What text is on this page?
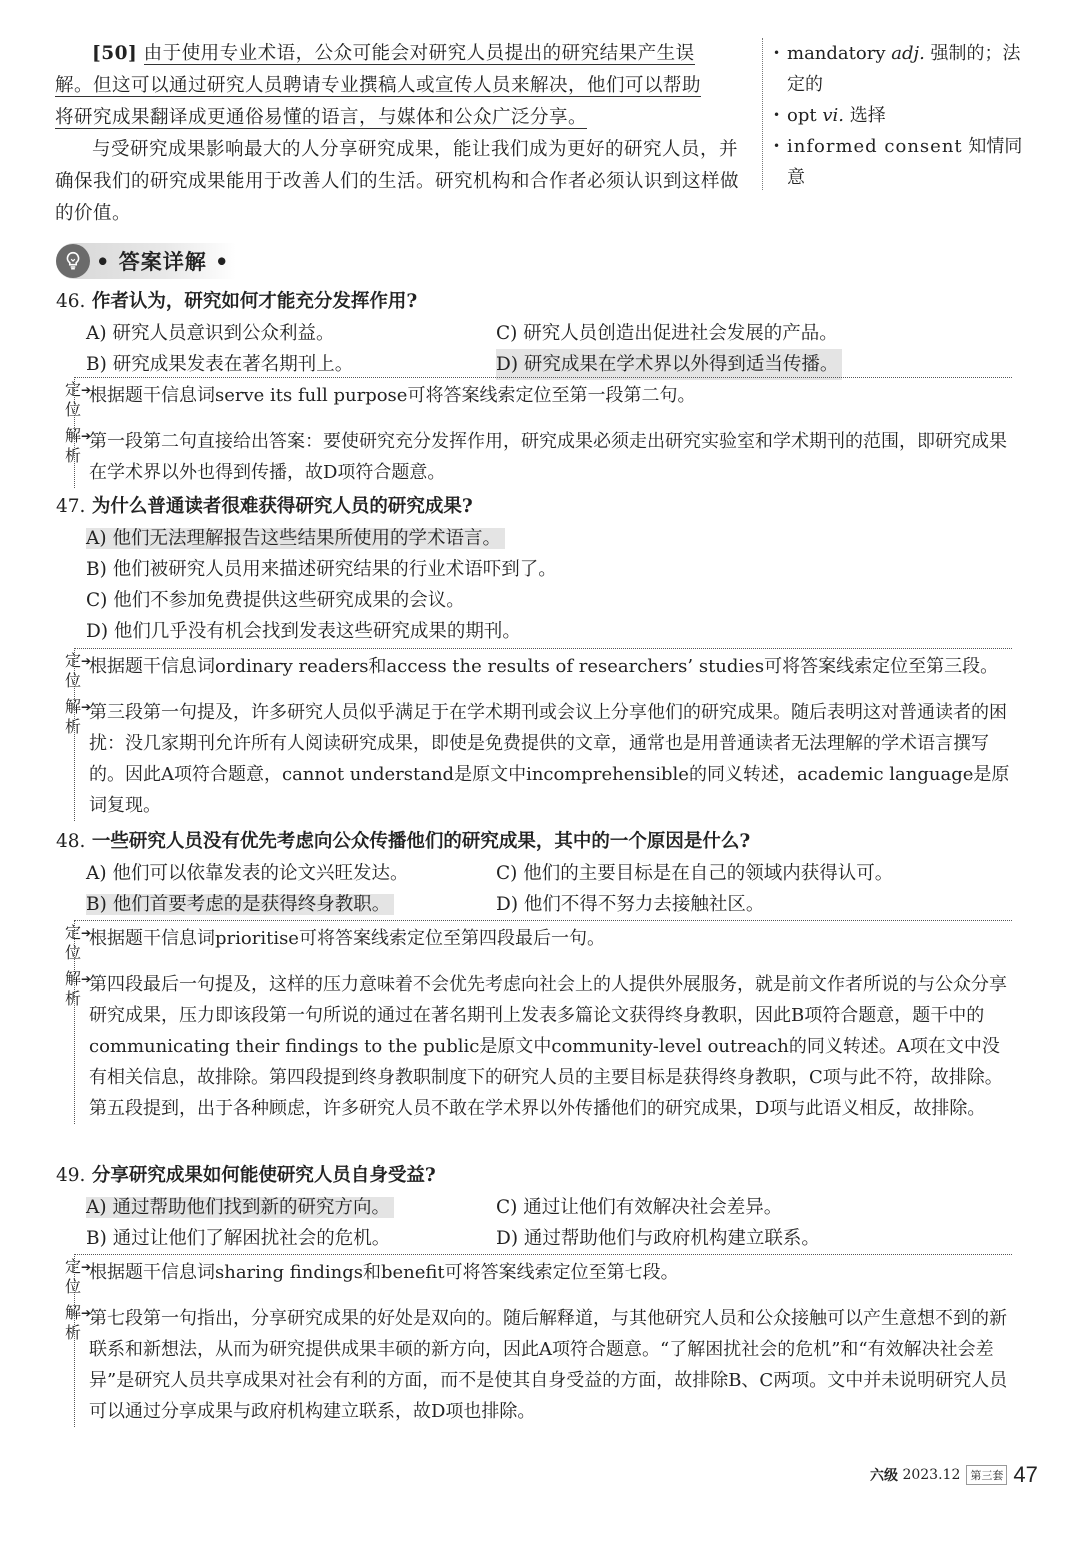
[50] 由于使用专业术语，公众可能会对研究人员提出的研究结果产生误

解。但这可以通过研究人员聘请专业撰稿人或宣传人员来解决，他们可以帮助
将研究成果翻译成更通俗易懂的语言，与媒体和公众广泛分享。

与受研究成果影响最大的人分享研究成果，能让我们成为更好的研究人员，并确保我们的研究成果能用于改善人们的生活。研究机构和合作者必须认识到这样做的价值。

• mandatory adj. 强制的；法定的
• opt vi. 选择
• informed consent 知情同意
• 答案详解 •
46. 作者认为，研究如何才能充分发挥作用?
A) 研究人员意识到公众利益。	C) 研究人员创造出促进社会发展的产品。
B) 研究成果发表在著名期刊上。	D) 研究成果在学术界以外得到适当传播。
定位
➔
根据题干信息词serve its full purpose可将答案线索定位至第一段第二句。
解析
➔
第一段第二句直接给出答案：要使研究充分发挥作用，研究成果必须走出研究实验室和学术期刊的范围，即研究成果在学术界以外也得到传播，故D项符合题意。
47. 为什么普通读者很难获得研究人员的研究成果?
A) 他们无法理解报告这些结果所使用的学术语言。
B) 他们被研究人员用来描述研究结果的行业术语吓到了。
C) 他们不参加免费提供这些研究成果的会议。
D) 他们几乎没有机会找到发表这些研究成果的期刊。
定位
➔
根据题干信息词ordinary readers和access the results of researchers’ studies可将答案线索定位至第三段。
解析
➔
第三段第一句提及，许多研究人员似乎满足于在学术期刊或会议上分享他们的研究成果。随后表明这对普通读者的困扰：没几家期刊允许所有人阅读研究成果，即使是免费提供的文章，通常也是用普通读者无法理解的学术语言撰写的。因此A项符合题意，cannot understand是原文中incomprehensible的同义转述，academic language是原词复现。
48. 一些研究人员没有优先考虑向公众传播他们的研究成果，其中的一个原因是什么?
A) 他们可以依靠发表的论文兴旺发达。	C) 他们的主要目标是在自己的领域内获得认可。
B) 他们首要考虑的是获得终身教职。	D) 他们不得不努力去接触社区。
定位
➔
根据题干信息词prioritise可将答案线索定位至第四段最后一句。
解析
➔
第四段最后一句提及，这样的压力意味着不会优先考虑向社会上的人提供外展服务，就是前文作者所说的与公众分享研究成果，压力即该段第一句所说的通过在著名期刊上发表多篇论文获得终身教职，因此B项符合题意，题干中的communicating their findings to the public是原文中community-level outreach的同义转述。A项在文中没有相关信息，故排除。第四段提到终身教职制度下的研究人员的主要目标是获得终身教职，C项与此不符，故排除。第五段提到，出于各种顾虑，许多研究人员不敢在学术界以外传播他们的研究成果，D项与此语义相反，故排除。
49. 分享研究成果如何能使研究人员自身受益?
A) 通过帮助他们找到新的研究方向。	C) 通过让他们有效解决社会差异。
B) 通过让他们了解困扰社会的危机。	D) 通过帮助他们与政府机构建立联系。
定位
➔
根据题干信息词sharing findings和benefit可将答案线索定位至第七段。
解析
➔
第七段第一句指出，分享研究成果的好处是双向的。随后解释道，与其他研究人员和公众接触可以产生意想不到的新联系和新想法，从而为研究提供成果丰硕的新方向，因此A项符合题意。“了解困扰社会的危机”和“有效解决社会差异”是研究人员共享成果对社会有利的方面，而不是使其自身受益的方面，故排除B、C两项。文中并未说明研究人员可以通过分享成果与政府机构建立联系，故D项也排除。
六级
2023.12 第三套 47
